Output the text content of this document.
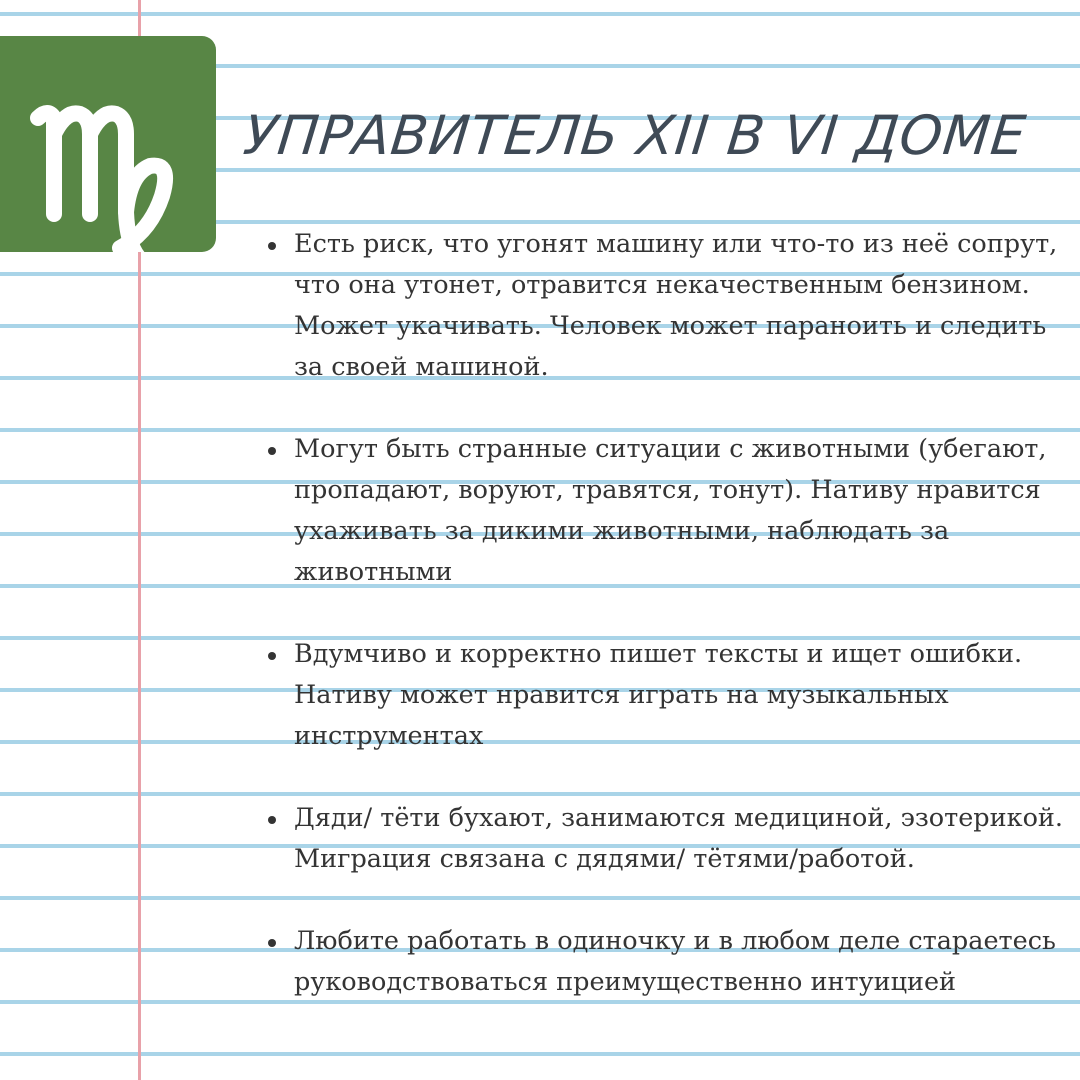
УПРАВИТЕЛЬ XII В VI ДОМЕ
Есть риск, что угонят машину или что-то из неё сопрут, что она утонет, отравится некачественным бензином. Может укачивать. Человек может параноить и следить за своей машиной.
Могут быть странные ситуации с животными (убегают, пропадают, воруют, травятся, тонут). Нативу нравится ухаживать за дикими животными, наблюдать за животными
Вдумчиво и корректно пишет тексты и ищет ошибки. Нативу может нравится играть на музыкальных инструментах
Дяди/ тёти бухают, занимаются медициной, эзотерикой. Миграция связана с дядями/ тётями/работой.
Любите работать в одиночку и в любом деле стараетесь руководствоваться преимущественно интуицией
